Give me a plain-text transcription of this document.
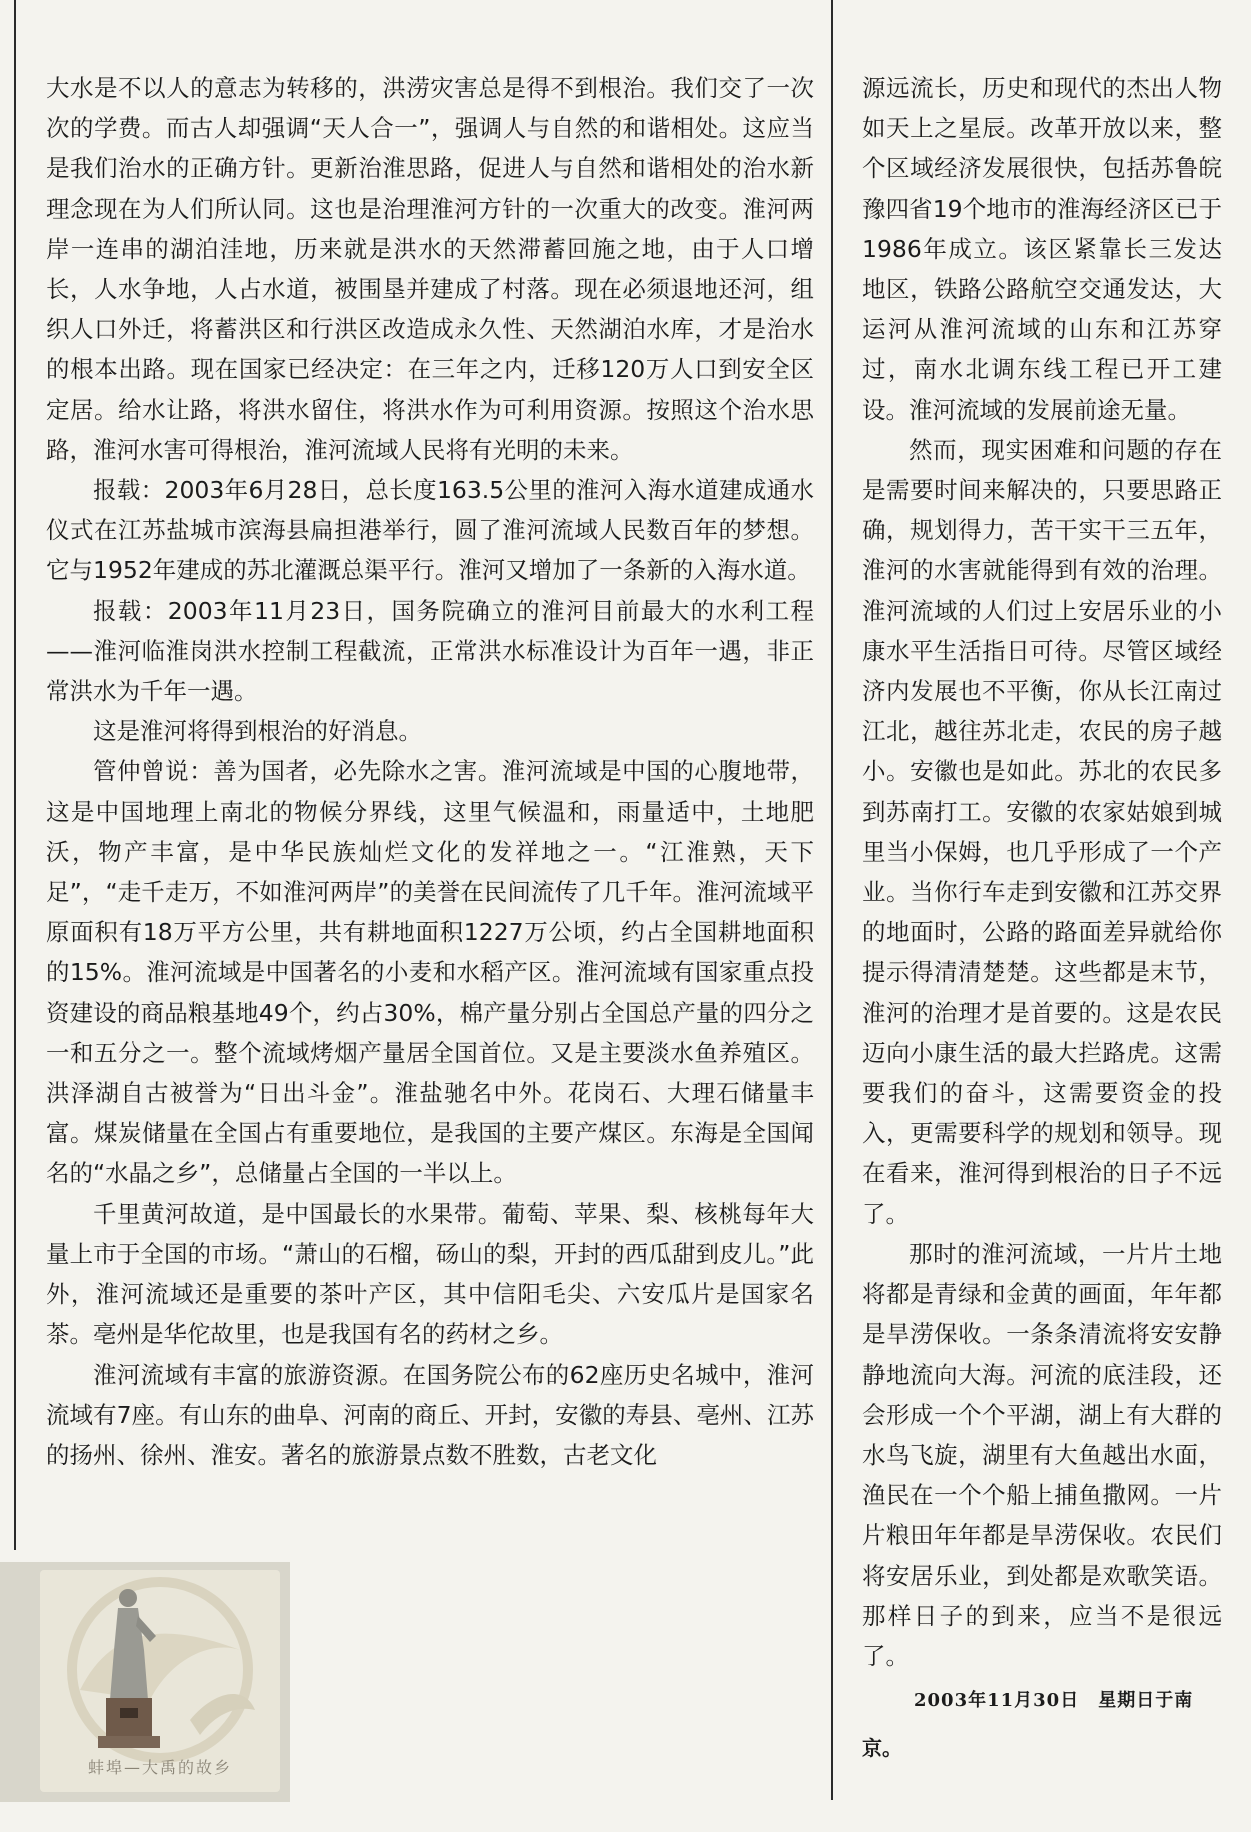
大水是不以人的意志为转移的，洪涝灾害总是得不到根治。我们交了一次次的学费。而古人却强调“天人合一”，强调人与自然的和谐相处。这应当是我们治水的正确方针。更新治淮思路，促进人与自然和谐相处的治水新理念现在为人们所认同。这也是治理淮河方针的一次重大的改变。淮河两岸一连串的湖泊洼地，历来就是洪水的天然滞蓄回施之地，由于人口增长，人水争地，人占水道，被围垦并建成了村落。现在必须退地还河，组织人口外迁，将蓄洪区和行洪区改造成永久性、天然湖泊水库，才是治水的根本出路。现在国家已经决定：在三年之内，迁移120万人口到安全区定居。给水让路，将洪水留住，将洪水作为可利用资源。按照这个治水思路，淮河水害可得根治，淮河流域人民将有光明的未来。

报载：2003年6月28日，总长度163.5公里的淮河入海水道建成通水仪式在江苏盐城市滨海县扁担港举行，圆了淮河流域人民数百年的梦想。它与1952年建成的苏北灌溉总渠平行。淮河又增加了一条新的入海水道。

报载：2003年11月23日，国务院确立的淮河目前最大的水利工程——淮河临淮岗洪水控制工程截流，正常洪水标准设计为百年一遇，非正常洪水为千年一遇。

这是淮河将得到根治的好消息。

管仲曾说：善为国者，必先除水之害。淮河流域是中国的心腹地带，这是中国地理上南北的物候分界线，这里气候温和，雨量适中，土地肥沃，物产丰富，是中华民族灿烂文化的发祥地之一。“江淮熟，天下足”，“走千走万，不如淮河两岸”的美誉在民间流传了几千年。淮河流域平原面积有18万平方公里，共有耕地面积1227万公顷，约占全国耕地面积的15%。淮河流域是中国著名的小麦和水稻产区。淮河流域有国家重点投资建设的商品粮基地49个，约占30%，棉产量分别占全国总产量的四分之一和五分之一。整个流域烤烟产量居全国首位。又是主要淡水鱼养殖区。洪泽湖自古被誉为“日出斗金”。淮盐驰名中外。花岗石、大理石储量丰富。煤炭储量在全国占有重要地位，是我国的主要产煤区。东海是全国闻名的“水晶之乡”，总储量占全国的一半以上。

千里黄河故道，是中国最长的水果带。葡萄、苹果、梨、核桃每年大量上市于全国的市场。“萧山的石榴，砀山的梨，开封的西瓜甜到皮儿。”此外，淮河流域还是重要的茶叶产区，其中信阳毛尖、六安瓜片是国家名茶。亳州是华佗故里，也是我国有名的药材之乡。

淮河流域有丰富的旅游资源。在国务院公布的62座历史名城中，淮河流域有7座。有山东的曲阜、河南的商丘、开封，安徽的寿县、亳州、江苏的扬州、徐州、淮安。著名的旅游景点数不胜数，古老文化

源远流长，历史和现代的杰出人物如天上之星辰。改革开放以来，整个区域经济发展很快，包括苏鲁皖豫四省19个地市的淮海经济区已于1986年成立。该区紧靠长三发达地区，铁路公路航空交通发达，大运河从淮河流域的山东和江苏穿过，南水北调东线工程已开工建设。淮河流域的发展前途无量。

然而，现实困难和问题的存在是需要时间来解决的，只要思路正确，规划得力，苦干实干三五年，淮河的水害就能得到有效的治理。淮河流域的人们过上安居乐业的小康水平生活指日可待。尽管区域经济内发展也不平衡，你从长江南过江北，越往苏北走，农民的房子越小。安徽也是如此。苏北的农民多到苏南打工。安徽的农家姑娘到城里当小保姆，也几乎形成了一个产业。当你行车走到安徽和江苏交界的地面时，公路的路面差异就给你提示得清清楚楚。这些都是末节，淮河的治理才是首要的。这是农民迈向小康生活的最大拦路虎。这需要我们的奋斗，这需要资金的投入，更需要科学的规划和领导。现在看来，淮河得到根治的日子不远了。

那时的淮河流域，一片片土地将都是青绿和金黄的画面，年年都是旱涝保收。一条条清流将安安静静地流向大海。河流的底洼段，还会形成一个个平湖，湖上有大群的水鸟飞旋，湖里有大鱼越出水面，渔民在一个个船上捕鱼撒网。一片片粮田年年都是旱涝保收。农民们将安居乐业，到处都是欢歌笑语。那样日子的到来，应当不是很远了。

2003年11月30日　星期日于南

京。

蚌埠—大禹的故乡
